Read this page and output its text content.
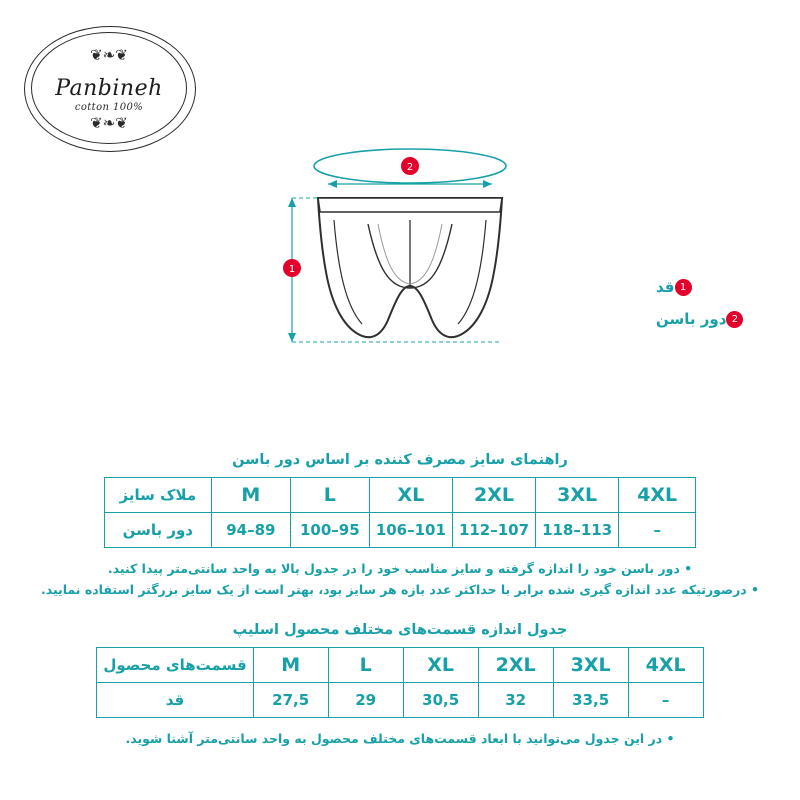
❦❧❦
Panbineh
100% cotton
❦❧❦
1
2
قد 1
دور باسن 2
راهنمای سایز مصرف کننده بر اساس دور باسن
4XL	3XL	2XL	XL	L	M	ملاک سایز
–	113–118	107–112	101–106	95–100	89–94	دور باسن
• دور باسن خود را اندازه گرفته و سایز مناسب خود را در جدول بالا به واحد سانتی‌متر پیدا کنید.
• درصورتیکه عدد اندازه گیری شده برابر با حداکثر عدد بازه هر سایز بود، بهتر است از یک سایز بزرگتر استفاده نمایید.
جدول اندازه قسمت‌های مختلف محصول اسلیپ
4XL	3XL	2XL	XL	L	M	قسمت‌های محصول
–	33,5	32	30,5	29	27,5	قد
• در این جدول می‌توانید با ابعاد قسمت‌های مختلف محصول به واحد سانتی‌متر آشنا شوید.
